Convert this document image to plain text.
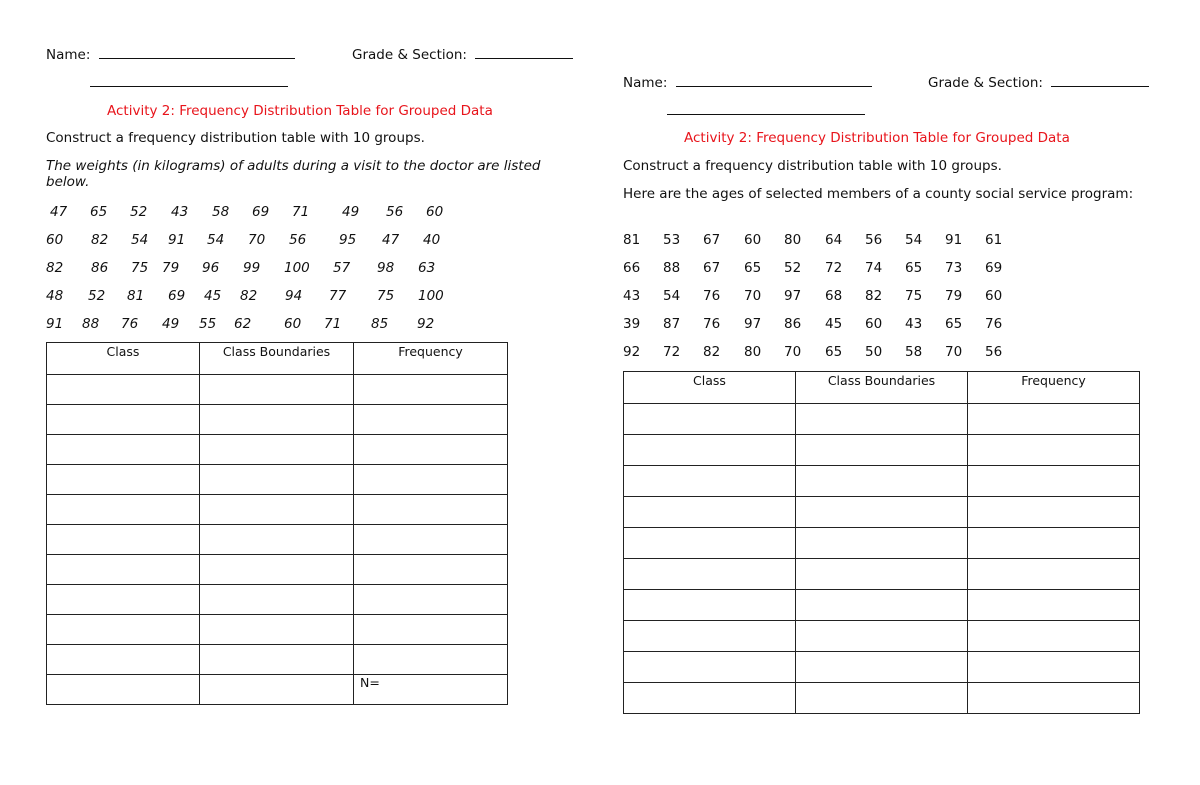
Name:	Grade & Section:
Activity 2: Frequency Distribution Table for Grouped Data
Construct a frequency distribution table with 10 groups.
The weights (in kilograms) of adults during a visit to the doctor are listed below.
47 65 52 43 58 69 71 49 56 60
60 82 54 91 54 70 56 95 47 40
82 86 75 79 96 99 100 57 98 63
48 52 81 69 45 82 94 77 75 100
91 88 76 49 55 62 60 71 85 92
Class	Class Boundaries	Frequency

		N=
Name:	Grade & Section:
Activity 2: Frequency Distribution Table for Grouped Data
Construct a frequency distribution table with 10 groups.
Here are the ages of selected members of a county social service program:
81 53 67 60 80 64 56 54 91 61
66 88 67 65 52 72 74 65 73 69
43 54 76 70 97 68 82 75 79 60
39 87 76 97 86 45 60 43 65 76
92 72 82 80 70 65 50 58 70 56
Class	Class Boundaries	Frequency
